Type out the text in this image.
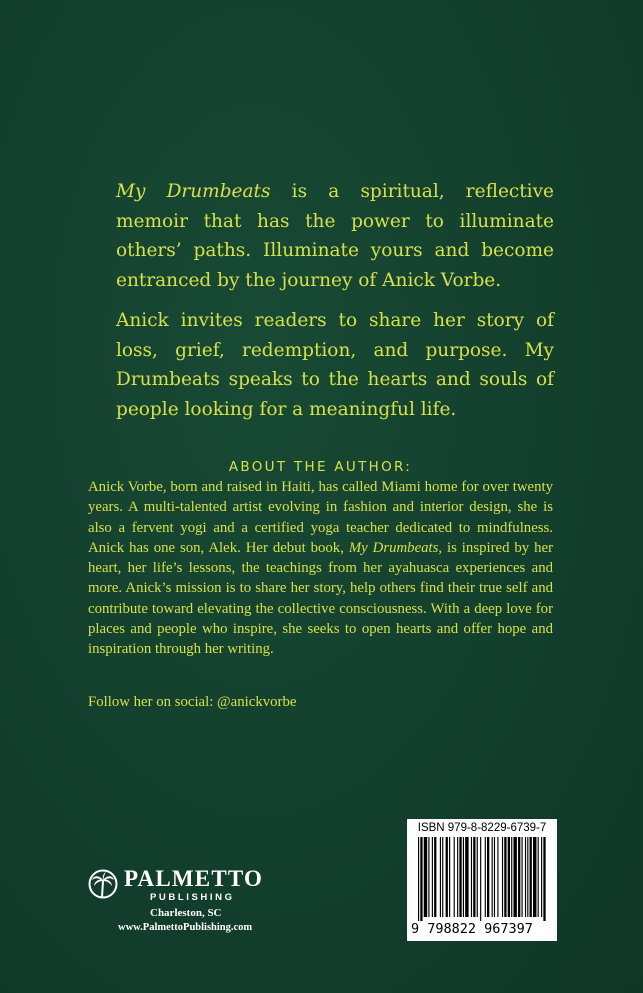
My Drumbeats is a spiritual, reflective memoir that has the power to illuminate others’ paths. Illuminate yours and become entranced by the journey of Anick Vorbe.

Anick invites readers to share her story of loss, grief, redemption, and purpose. My Drumbeats speaks to the hearts and souls of people looking for a meaningful life.

ABOUT THE AUTHOR:

Anick Vorbe, born and raised in Haiti, has called Miami home for over twenty years. A multi-talented artist evolving in fashion and interior design, she is also a fervent yogi and a certified yoga teacher dedicated to mindfulness. Anick has one son, Alek. Her debut book, My Drumbeats, is inspired by her heart, her life’s lessons, the teachings from her ayahuasca experiences and more. Anick’s mission is to share her story, help others find their true self and contribute toward elevating the collective consciousness. With a deep love for places and people who inspire, she seeks to open hearts and offer hope and inspiration through her writing.

Follow her on social: @anickvorbe
PALMETTO
PUBLISHING
Charleston, SC
www.PalmettoPublishing.com
ISBN 979-8-8229-6739-7
9 798822 967397
